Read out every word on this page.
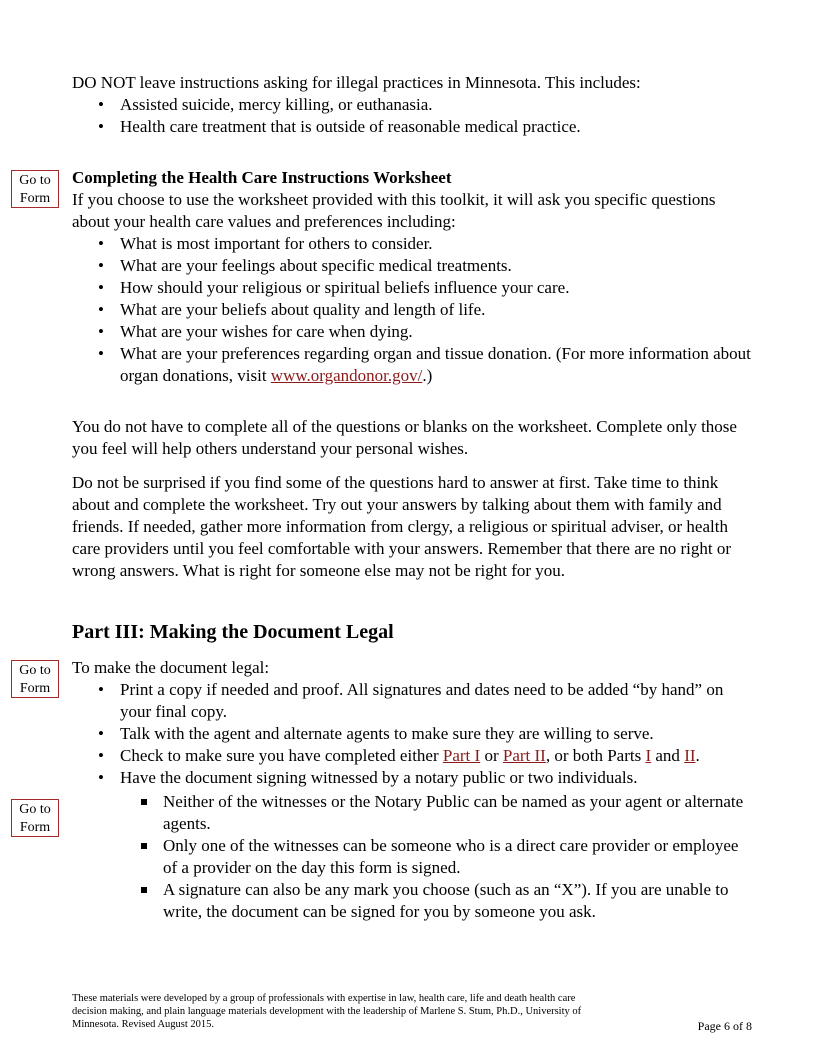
DO NOT leave instructions asking for illegal practices in Minnesota. This includes:

• Assisted suicide, mercy killing, or euthanasia.
• Health care treatment that is outside of reasonable medical practice.
Go to
Form
Go to
Form
Go to
Form
Completing the Health Care Instructions Worksheet

If you choose to use the worksheet provided with this toolkit, it will ask you specific questions about your health care values and preferences including:

• What is most important for others to consider.
• What are your feelings about specific medical treatments.
• How should your religious or spiritual beliefs influence your care.
• What are your beliefs about quality and length of life.
• What are your wishes for care when dying.
• What are your preferences regarding organ and tissue donation. (For more information about organ donations, visit www.organdonor.gov/.)

You do not have to complete all of the questions or blanks on the worksheet. Complete only those you feel will help others understand your personal wishes.

Do not be surprised if you find some of the questions hard to answer at first. Take time to think about and complete the worksheet. Try out your answers by talking about them with family and friends. If needed, gather more information from clergy, a religious or spiritual adviser, or health care providers until you feel comfortable with your answers. Remember that there are no right or wrong answers. What is right for someone else may not be right for you.

Part III: Making the Document Legal

To make the document legal:

• Print a copy if needed and proof. All signatures and dates need to be added “by hand” on your final copy.
• Talk with the agent and alternate agents to make sure they are willing to serve.
• Check to make sure you have completed either Part I or Part II, or both Parts I and II.
• Have the document signing witnessed by a notary public or two individuals.
Neither of the witnesses or the Notary Public can be named as your agent or alternate agents.
Only one of the witnesses can be someone who is a direct care provider or employee of a provider on the day this form is signed.
A signature can also be any mark you choose (such as an “X”). If you are unable to write, the document can be signed for you by someone you ask.
These materials were developed by a group of professionals with expertise in law, health care, life and death health care decision making, and plain language materials development with the leadership of Marlene S. Stum, Ph.D., University of Minnesota. Revised August 2015.	Page 6 of 8
